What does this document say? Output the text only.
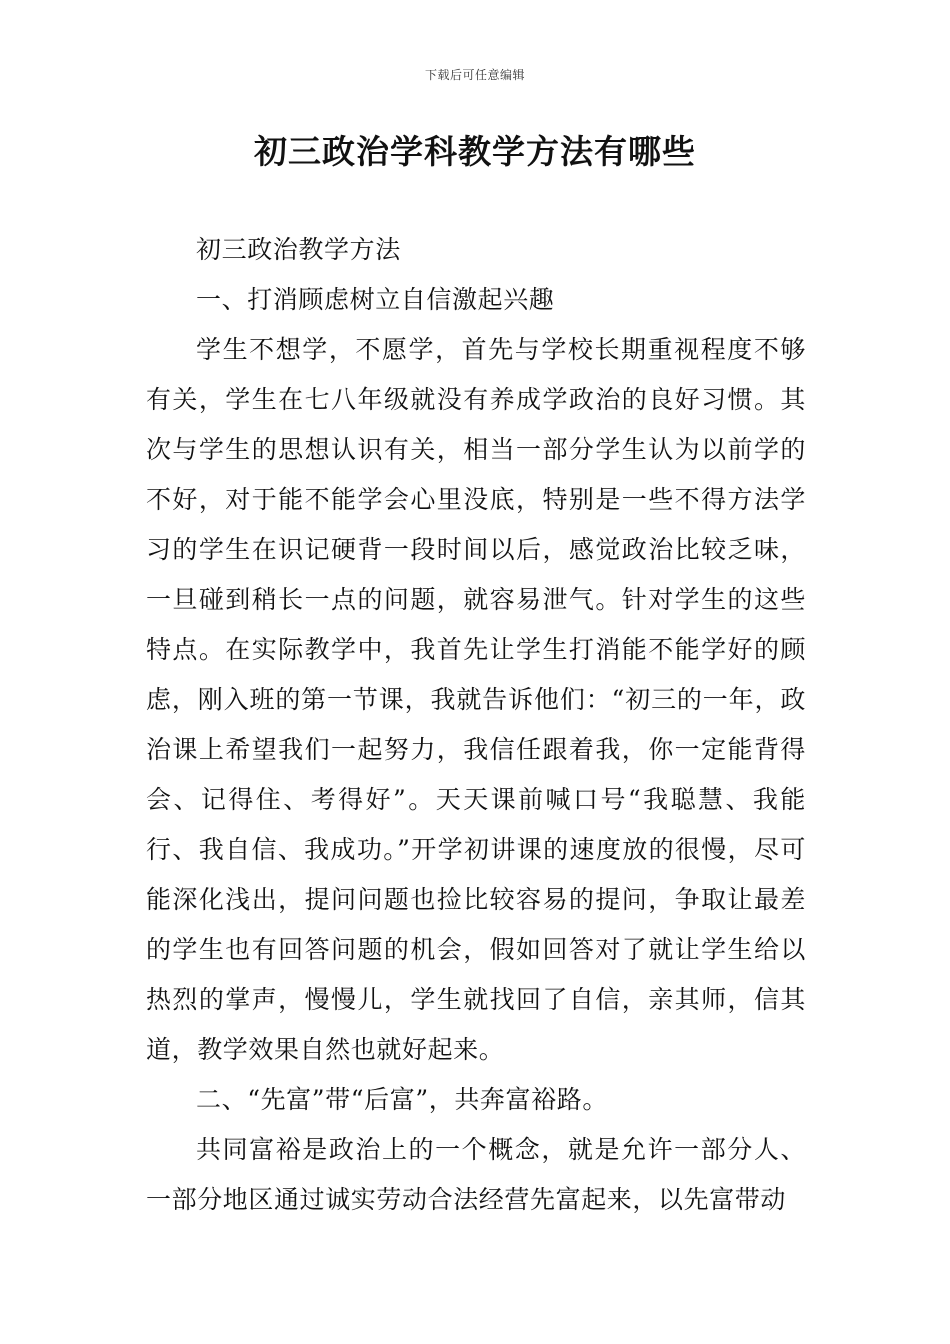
下载后可任意编辑
初三政治学科教学方法有哪些

初三政治教学方法

一、打消顾虑树立自信激起兴趣

学生不想学，不愿学，首先与学校长期重视程度不够有关，学生在七八年级就没有养成学政治的良好习惯。其次与学生的思想认识有关，相当一部分学生认为以前学的不好，对于能不能学会心里没底，特别是一些不得方法学习的学生在识记硬背一段时间以后，感觉政治比较乏味，一旦碰到稍长一点的问题，就容易泄气。针对学生的这些特点。在实际教学中，我首先让学生打消能不能学好的顾虑，刚入班的第一节课，我就告诉他们：“初三的一年，政治课上希望我们一起努力，我信任跟着我，你一定能背得会、记得住、考得好”。天天课前喊口号“我聪慧、我能行、我自信、我成功。”开学初讲课的速度放的很慢，尽可能深化浅出，提问问题也捡比较容易的提问，争取让最差的学生也有回答问题的机会，假如回答对了就让学生给以热烈的掌声，慢慢儿，学生就找回了自信，亲其师，信其道，教学效果自然也就好起来。

二、“先富”带“后富”，共奔富裕路。

共同富裕是政治上的一个概念，就是允许一部分人、一部分地区通过诚实劳动合法经营先富起来，以先富带动
